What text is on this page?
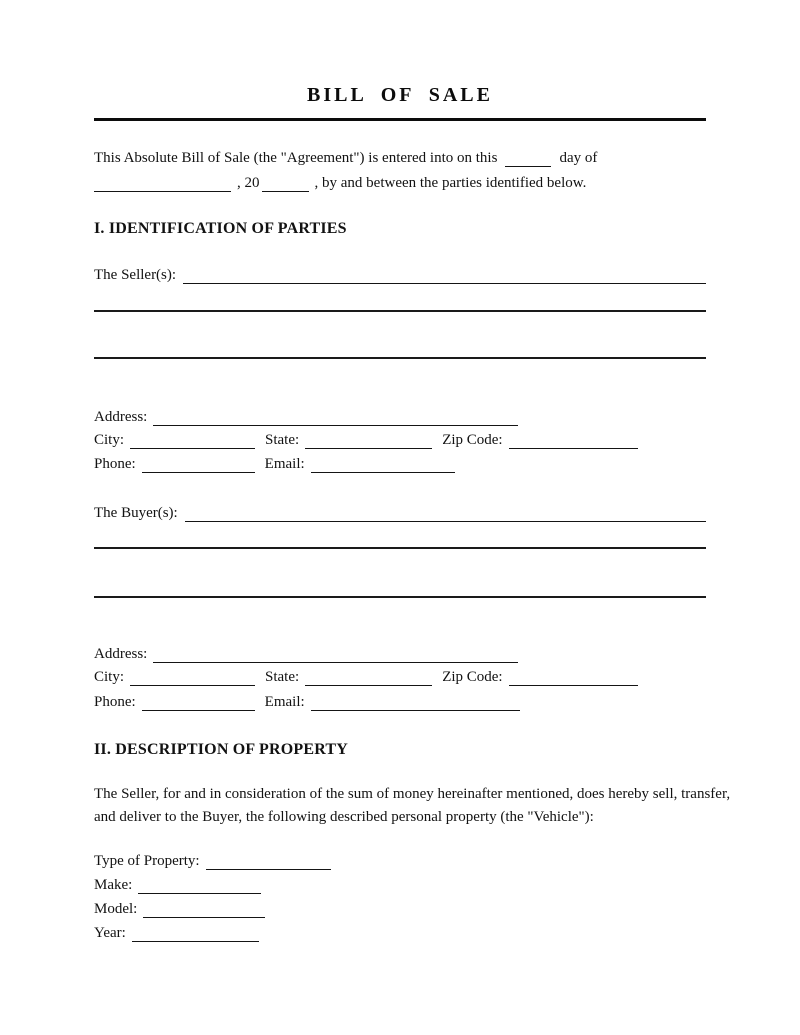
BILL OF SALE
This Absolute Bill of Sale (the "Agreement") is entered into on this	day of
, 20	, by and between the parties identified below.
I. IDENTIFICATION OF PARTIES
The Seller(s):
Address:
City:	State:	Zip Code:
Phone:	Email:
The Buyer(s):
Address:
City:	State:	Zip Code:
Phone:	Email:
II. DESCRIPTION OF PROPERTY
The Seller, for and in consideration of the sum of money hereinafter mentioned, does hereby sell, transfer,
and deliver to the Buyer, the following described personal property (the "Vehicle"):
Type of Property:
Make:
Model:
Year:
